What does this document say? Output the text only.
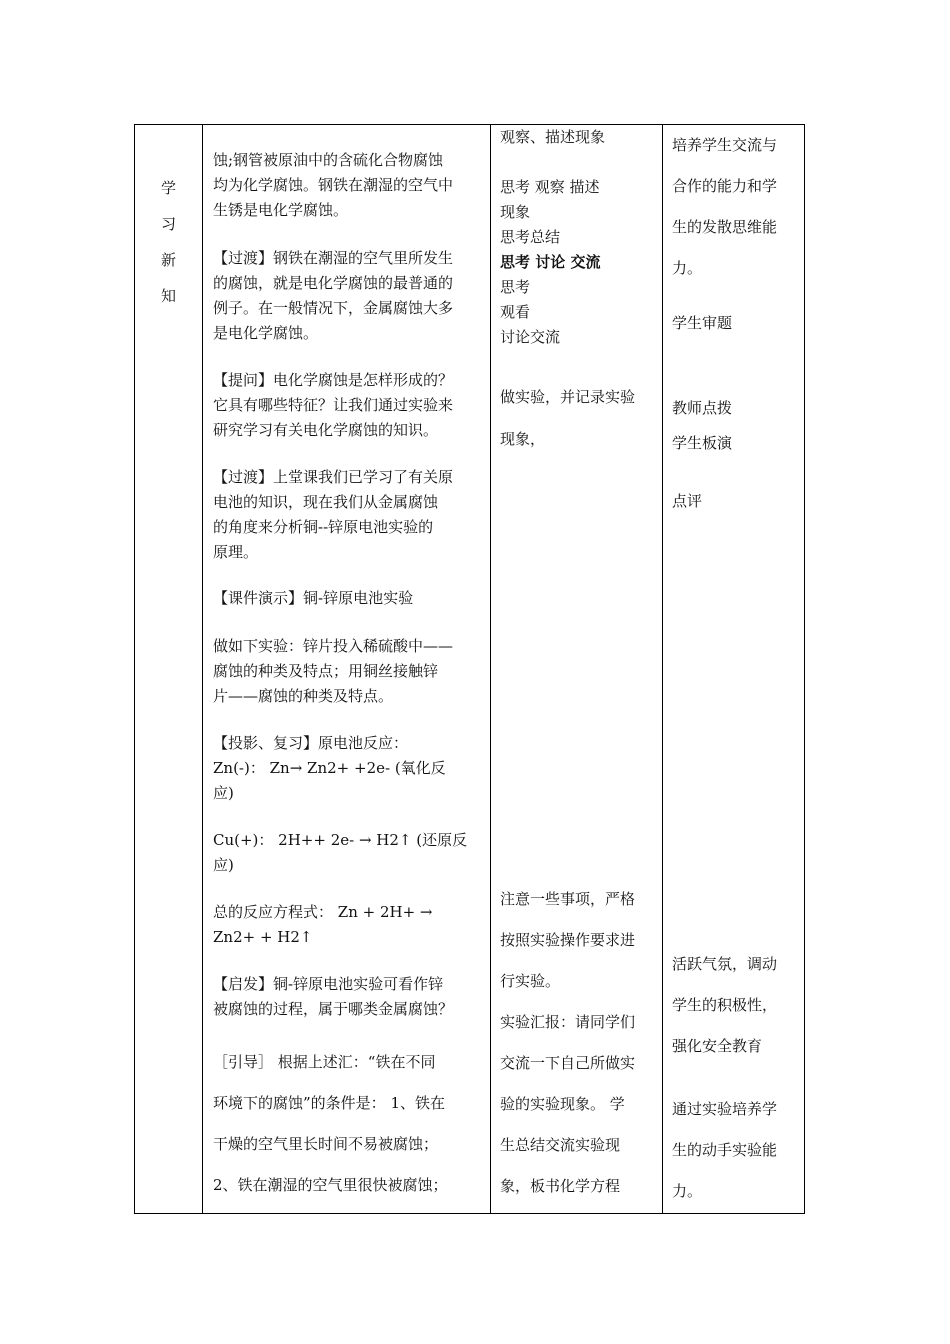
学
习
新
知
蚀;钢管被原油中的含硫化合物腐蚀
均为化学腐蚀。钢铁在潮湿的空气中
生锈是电化学腐蚀。
【过渡】钢铁在潮湿的空气里所发生
的腐蚀，就是电化学腐蚀的最普通的
例子。在一般情况下，金属腐蚀大多
是电化学腐蚀。
【提问】电化学腐蚀是怎样形成的？
它具有哪些特征？让我们通过实验来
研究学习有关电化学腐蚀的知识。
【过渡】上堂课我们已学习了有关原
电池的知识，现在我们从金属腐蚀
的角度来分析铜--锌原电池实验的
原理。
【课件演示】铜-锌原电池实验
做如下实验：锌片投入稀硫酸中——
腐蚀的种类及特点；用铜丝接触锌
片——腐蚀的种类及特点。
【投影、复习】原电池反应：
Zn(-)： Zn→ Zn2+ +2e- (氧化反
应)
Cu(+)： 2H++ 2e- → H2↑ (还原反
应)
总的反应方程式： Zn + 2H+ →
Zn2+ + H2↑
【启发】铜-锌原电池实验可看作锌
被腐蚀的过程，属于哪类金属腐蚀？
［引导］ 根据上述汇：“铁在不同
环境下的腐蚀”的条件是： 1、铁在
干燥的空气里长时间不易被腐蚀；
2、铁在潮湿的空气里很快被腐蚀；
观察、描述现象
思考 观察 描述
现象
思考总结
思考 讨论 交流
思考
观看
讨论交流
做实验，并记录实验
现象，
注意一些事项，严格
按照实验操作要求进
行实验。
实验汇报：请同学们
交流一下自己所做实
验的实验现象。 学
生总结交流实验现
象，板书化学方程
培养学生交流与
合作的能力和学
生的发散思维能
力。
学生审题
教师点拨
学生板演
点评
活跃气氛，调动
学生的积极性，
强化安全教育
通过实验培养学
生的动手实验能
力。
